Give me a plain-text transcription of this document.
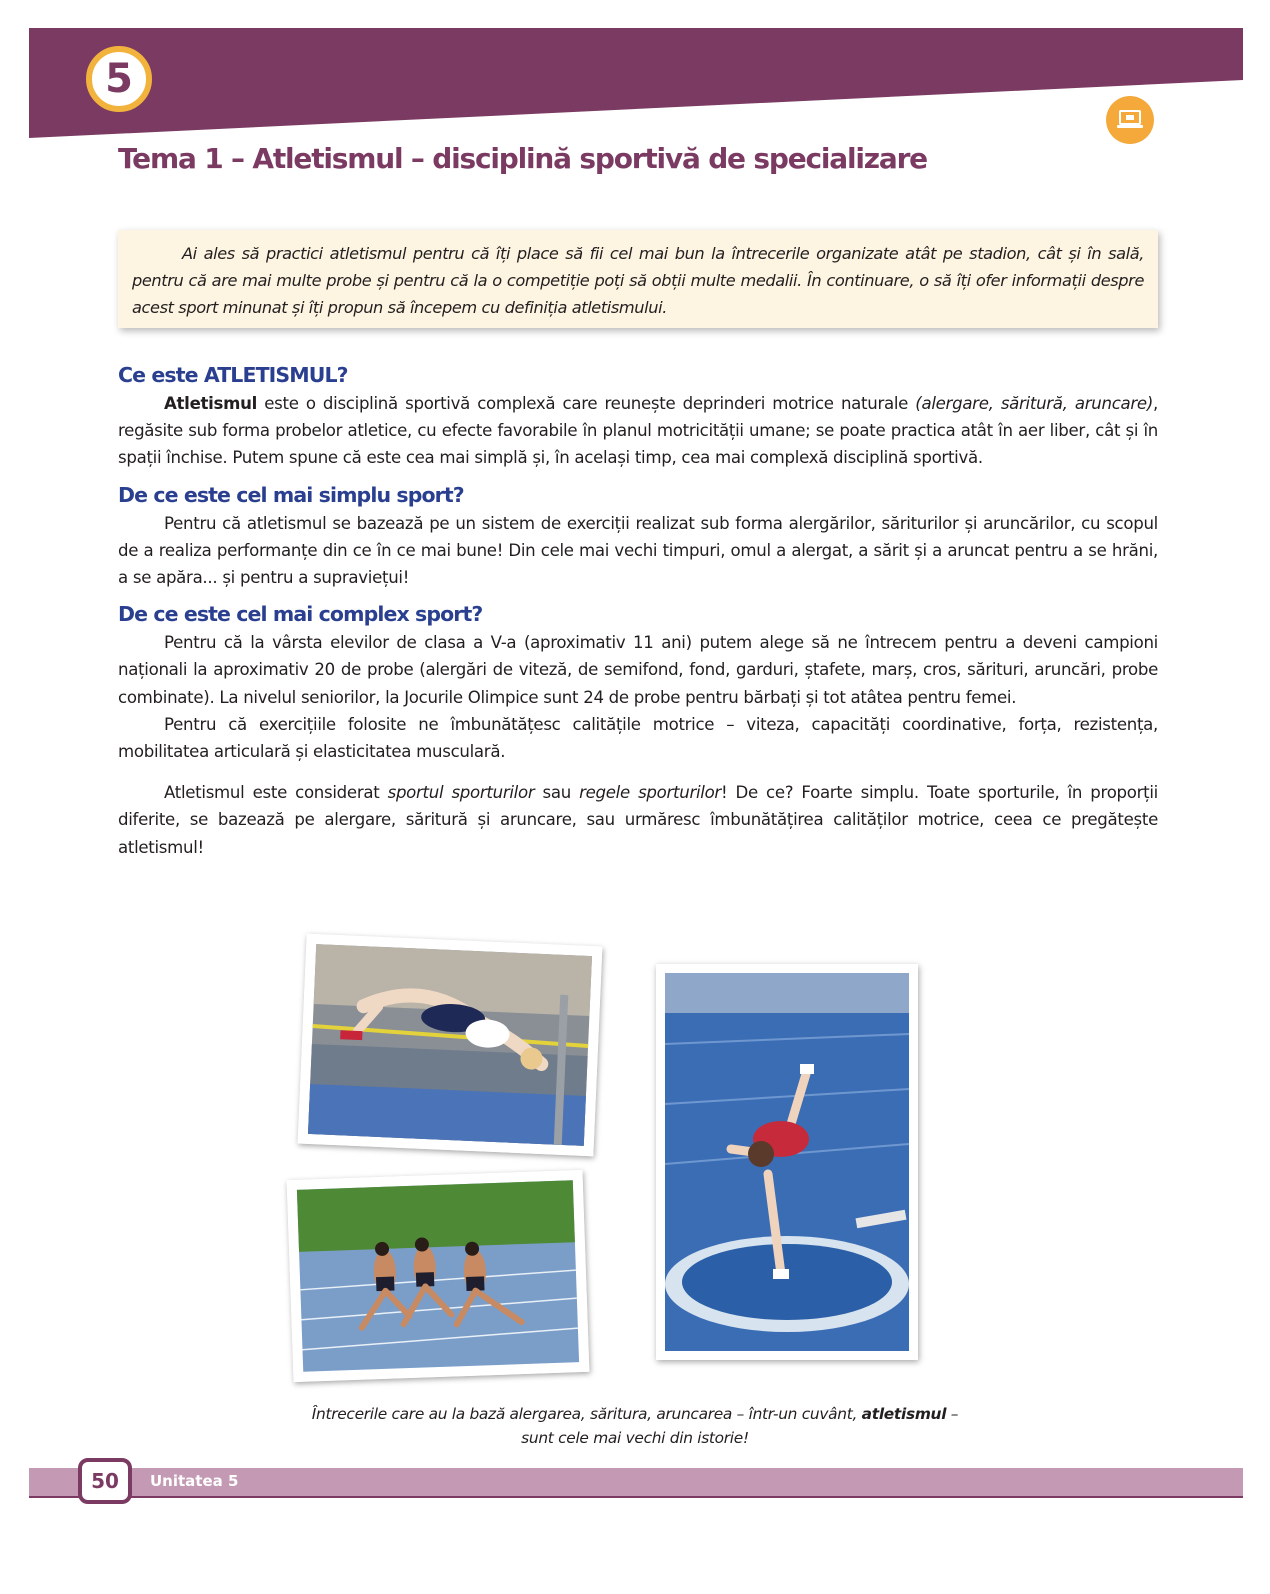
5
Tema 1 – Atletismul – disciplină sportivă de specializare

Ai ales să practici atletismul pentru că îți place să fii cel mai bun la întrecerile organizate atât pe stadion, cât și în sală, pentru că are mai multe probe și pentru că la o competiție poți să obții multe medalii. În continuare, o să îți ofer informații despre acest sport minunat și îți propun să începem cu definiția atletismului.

Ce este ATLETISMUL?

Atletismul este o disciplină sportivă complexă care reunește deprinderi motrice naturale (alergare, săritură, aruncare), regăsite sub forma probelor atletice, cu efecte favorabile în planul motricității umane; se poate practica atât în aer liber, cât și în spații închise. Putem spune că este cea mai simplă și, în același timp, cea mai complexă disciplină sportivă.

De ce este cel mai simplu sport?

Pentru că atletismul se bazează pe un sistem de exerciții realizat sub forma alergărilor, săriturilor și aruncărilor, cu scopul de a realiza performanțe din ce în ce mai bune! Din cele mai vechi timpuri, omul a alergat, a sărit și a aruncat pentru a se hrăni, a se apăra... și pentru a supraviețui!

De ce este cel mai complex sport?

Pentru că la vârsta elevilor de clasa a V-a (aproximativ 11 ani) putem alege să ne întrecem pentru a deveni campioni naționali la aproximativ 20 de probe (alergări de viteză, de semifond, fond, garduri, ștafete, marș, cros, sărituri, aruncări, probe combinate). La nivelul seniorilor, la Jocurile Olimpice sunt 24 de probe pentru bărbați și tot atâtea pentru femei.

Pentru că exercițiile folosite ne îmbunătățesc calitățile motrice – viteza, capacități coordinative, forța, rezistența, mobilitatea articulară și elasticitatea musculară.

Atletismul este considerat sportul sporturilor sau regele sporturilor! De ce? Foarte simplu. Toate sporturile, în proporții diferite, se bazează pe alergare, săritură și aruncare, sau urmăresc îmbunătățirea calităților motrice, ceea ce pregătește atletismul!

Întrecerile care au la bază alergarea, săritura, aruncarea – într-un cuvânt, atletismul –
sunt cele mai vechi din istorie!
50 Unitatea 5
